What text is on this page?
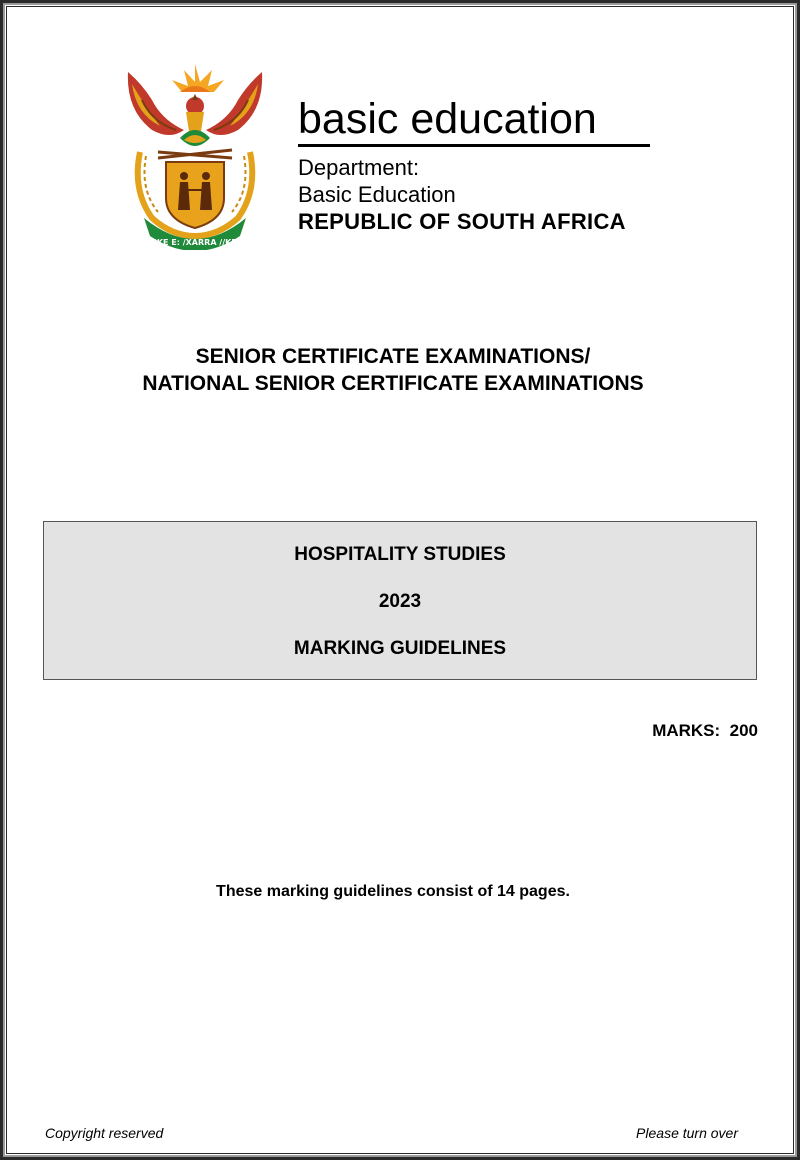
!KE E: /XARRA //KE
basic education
Department:
Basic Education
REPUBLIC OF SOUTH AFRICA
SENIOR CERTIFICATE EXAMINATIONS/
NATIONAL SENIOR CERTIFICATE EXAMINATIONS
HOSPITALITY STUDIES
2023
MARKING GUIDELINES
MARKS:  200
These marking guidelines consist of 14 pages.
Copyright reserved	Please turn over
